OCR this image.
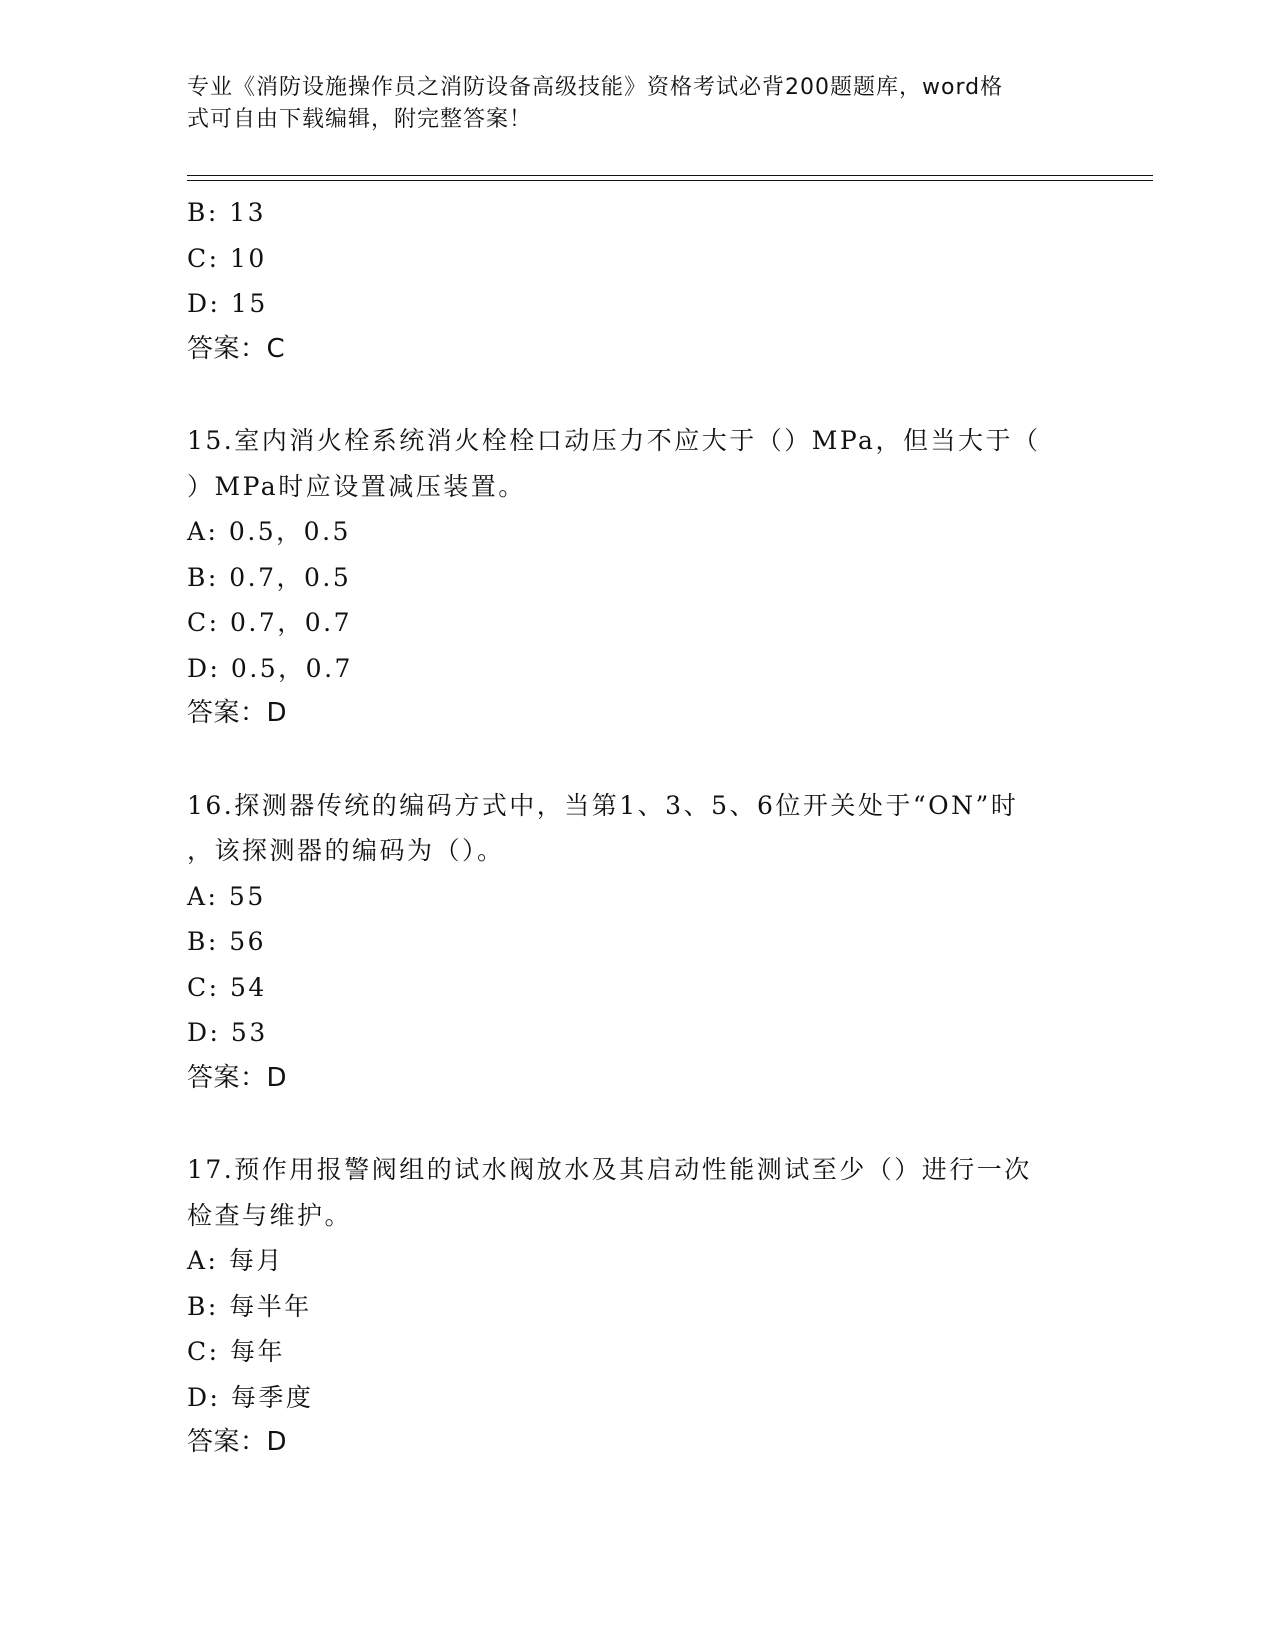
专业《消防设施操作员之消防设备高级技能》资格考试必背200题题库，word格
式可自由下载编辑，附完整答案！
B: 13
C: 10
D: 15
答案：C
15.室内消火栓系统消火栓栓口动压力不应大于（）MPa，但当大于（
）MPa时应设置减压装置。
A: 0.5，0.5
B: 0.7，0.5
C: 0.7，0.7
D: 0.5，0.7
答案：D
16.探测器传统的编码方式中，当第1、3、5、6位开关处于“ON”时
，该探测器的编码为（）。
A: 55
B: 56
C: 54
D: 53
答案：D
17.预作用报警阀组的试水阀放水及其启动性能测试至少（）进行一次
检查与维护。
A: 每月
B: 每半年
C: 每年
D: 每季度
答案：D
